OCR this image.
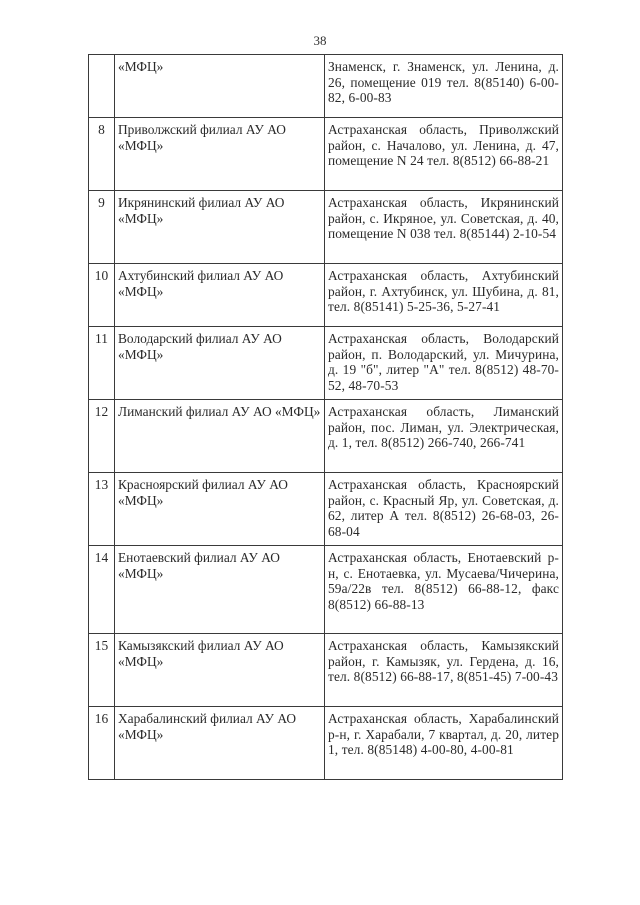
38
	«МФЦ»	Знаменск, г. Знаменск, ул. Ленина, д. 26, помещение 019 тел. 8(85140) 6-00-82, 6-00-83
8	Приволжский филиал АУ АО «МФЦ»	Астраханская область, Приволжский район, с. Началово, ул. Ленина, д. 47, помещение N 24 тел. 8(8512) 66-88-21
9	Икрянинский филиал АУ АО «МФЦ»	Астраханская область, Икрянинский район, с. Икряное, ул. Советская, д. 40, помещение N 038 тел. 8(85144) 2-10-54
10	Ахтубинский филиал АУ АО «МФЦ»	Астраханская область, Ахтубинский район, г. Ахтубинск, ул. Шубина, д. 81, тел. 8(85141) 5-25-36, 5-27-41
11	Володарский филиал АУ АО «МФЦ»	Астраханская область, Володарский район, п. Володарский, ул. Мичурина, д. 19 "б", литер "А" тел. 8(8512) 48-70-52, 48-70-53
12	Лиманский филиал АУ АО «МФЦ»	Астраханская область, Лиманский район, пос. Лиман, ул. Электрическая, д. 1, тел. 8(8512) 266-740, 266-741
13	Красноярский филиал АУ АО «МФЦ»	Астраханская область, Красноярский район, с. Красный Яр, ул. Советская, д. 62, литер А тел. 8(8512) 26-68-03, 26-68-04
14	Енотаевский филиал АУ АО «МФЦ»	Астраханская область, Енотаевский р-н, с. Енотаевка, ул. Мусаева/Чичерина, 59а/22в тел. 8(8512) 66-88-12, факс 8(8512) 66-88-13
15	Камызякский филиал АУ АО «МФЦ»	Астраханская область, Камызякский район, г. Камызяк, ул. Гердена, д. 16, тел. 8(8512) 66-88-17, 8(851-45) 7-00-43
16	Харабалинский филиал АУ АО «МФЦ»	Астраханская область, Харабалинский р-н, г. Харабали, 7 квартал, д. 20, литер 1, тел. 8(85148) 4-00-80, 4-00-81
